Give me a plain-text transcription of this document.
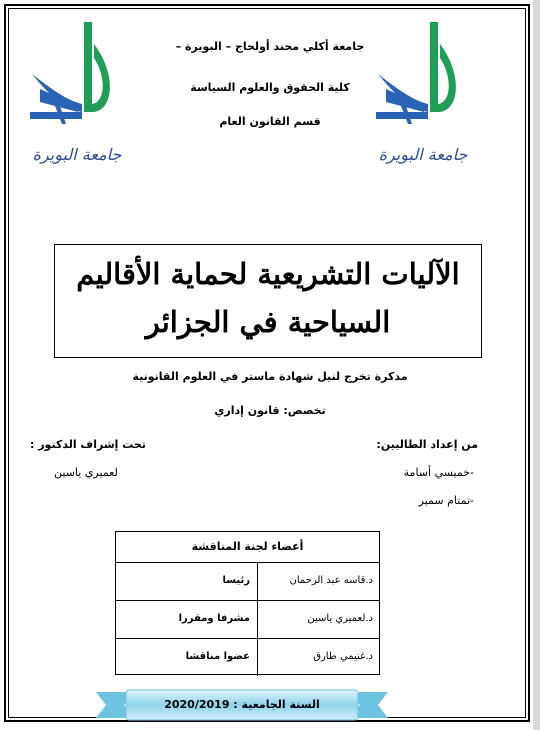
جامعة البويرة	جامعة البويرة
جامعة أكلي محند أولحاج – البويرة –
كلية الحقوق والعلوم السياسة
قسم القانون العام
الآليات التشريعية لحماية الأقاليم
السياحية في الجزائر
مذكرة تخرج لنيل شهادة ماستر في العلوم القانونية
تخصص: قانون إداري
من إعداد الطالبين:
-خميسي أسامة
-تمتام سمير
تحت إشراف الدكتور :
لعميري ياسين
أعضاء لجنة المناقشة
د.قاسه عبد الرحمان
رئيسا
د.لعميري ياسين
مشرفا ومقررا
د.غنيمي طارق
عضوا مناقشا
السنة الجامعية : 2020/2019
